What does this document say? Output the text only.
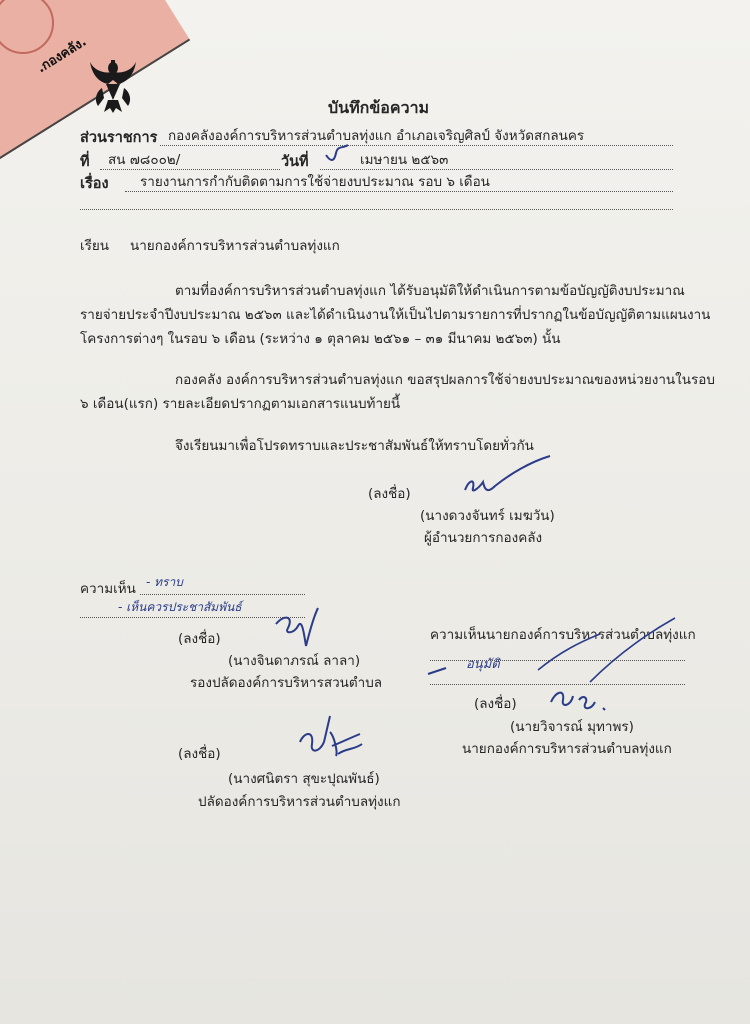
.กองคลัง.
บันทึกข้อความ
ส่วนราชการ กองคลังองค์การบริหารส่วนตำบลทุ่งแก อำเภอเจริญศิลป์ จังหวัดสกลนคร
ที่ สน ๗๘๐๐๒/	วันที่	เมษายน ๒๕๖๓
เรื่อง รายงานการกำกับติดตามการใช้จ่ายงบประมาณ รอบ ๖ เดือน
เรียน นายกองค์การบริหารส่วนตำบลทุ่งแก
ตามที่องค์การบริหารส่วนตำบลทุ่งแก ได้รับอนุมัติให้ดำเนินการตามข้อบัญญัติงบประมาณ
รายจ่ายประจำปีงบประมาณ ๒๕๖๓ และได้ดำเนินงานให้เป็นไปตามรายการที่ปรากฏในข้อบัญญัติตามแผนงาน
โครงการต่างๆ ในรอบ ๖ เดือน (ระหว่าง ๑ ตุลาคม ๒๕๖๑ – ๓๑ มีนาคม ๒๕๖๓) นั้น
กองคลัง องค์การบริหารส่วนตำบลทุ่งแก ขอสรุปผลการใช้จ่ายงบประมาณของหน่วยงานในรอบ
๖ เดือน(แรก) รายละเอียดปรากฏตามเอกสารแนบท้ายนี้
จึงเรียนมาเพื่อโปรดทราบและประชาสัมพันธ์ให้ทราบโดยทั่วกัน
(ลงชื่อ)
(นางดวงจันทร์ เมฆวัน)
ผู้อำนวยการกองคลัง
ความเห็น - ทราบ
- เห็นควรประชาสัมพันธ์
(ลงชื่อ)
(นางจินดาภรณ์ ลาลา)
รองปลัดองค์การบริหารสวนตำบล
(ลงชื่อ)
(นางศนิตรา สุขะปุณพันธ์)
ปลัดองค์การบริหารส่วนตำบลทุ่งแก
ความเห็นนายกองค์การบริหารส่วนตำบลทุ่งแก
อนุมัติ
(ลงชื่อ)
(นายวิจารณ์ มุทาพร)
นายกองค์การบริหารส่วนตำบลทุ่งแก
